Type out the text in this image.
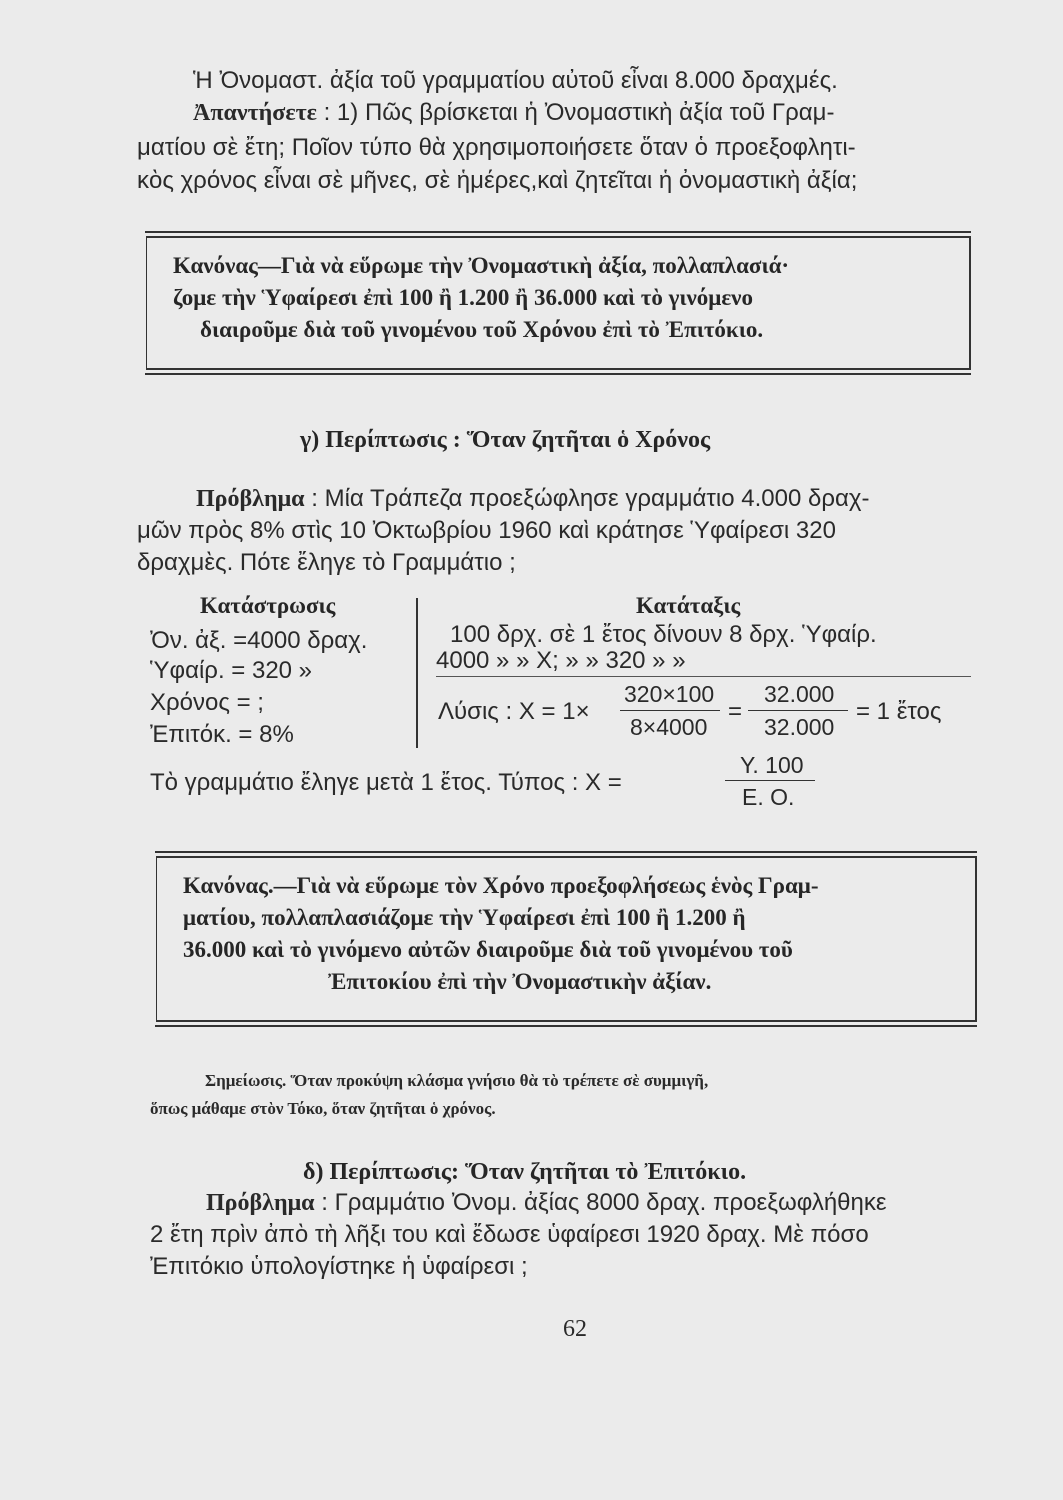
Ἡ Ὀνομαστ. ἀξία τοῦ γραμματίου αὐτοῦ εἶναι 8.000 δραχμές.
Ἀπαντήσετε : 1) Πῶς βρίσκεται ἡ Ὀνομαστικὴ ἀξία τοῦ Γραμ-
ματίου σὲ ἔτη; Ποῖον τύπο θὰ χρησιμοποιήσετε ὅταν ὁ προεξοφλητι-
κὸς χρόνος εἶναι σὲ μῆνες, σὲ ἡμέρες,καὶ ζητεῖται ἡ ὀνομαστικὴ ἀξία;
Κανόνας—Γιὰ νὰ εὕρωμε τὴν Ὀνομαστικὴ ἀξία, πολλαπλασιά·
ζομε τὴν Ὑφαίρεσι ἐπὶ 100 ἢ 1.200 ἢ 36.000 καὶ τὸ γινόμενο
διαιροῦμε διὰ τοῦ γινομένου τοῦ Χρόνου ἐπὶ τὸ Ἐπιτόκιο.
γ) Περίπτωσις : Ὅταν ζητῆται ὁ Χρόνος
Πρόβλημα : Μία Τράπεζα προεξώφλησε γραμμάτιο 4.000 δραχ-
μῶν πρὸς 8% στὶς 10 Ὀκτωβρίου 1960 καὶ κράτησε Ὑφαίρεσι 320
δραχμὲς. Πότε ἔληγε τὸ Γραμμάτιο ;
Κατάστρωσις
Ὀν. ἀξ. =4000 δραχ.
Ὑφαίρ. = 320 »
Χρόνος = ;
Ἐπιτόκ. = 8%
Κατάταξις
100 δρχ. σὲ 1 ἔτος δίνουν 8 δρχ. Ὑφαίρ.
4000 » » Χ; » » 320 » »
Λύσις : Χ = 1×
320×100
8×4000
=
32.000
32.000
= 1 ἔτος
Τὸ γραμμάτιο ἔληγε μετὰ 1 ἔτος. Τύπος : Χ =
Υ. 100
Ε. Ο.
Κανόνας.—Γιὰ νὰ εὕρωμε τὸν Χρόνο προεξοφλήσεως ἑνὸς Γραμ-
ματίου, πολλαπλασιάζομε τὴν Ὑφαίρεσι ἐπὶ 100 ἢ 1.200 ἢ
36.000 καὶ τὸ γινόμενο αὐτῶν διαιροῦμε διὰ τοῦ γινομένου τοῦ
Ἐπιτοκίου ἐπὶ τὴν Ὀνομαστικὴν ἀξίαν.
Σημείωσις. Ὅταν προκύψη κλάσμα γνήσιο θὰ τὸ τρέπετε σὲ συμμιγῆ,
ὅπως μάθαμε στὸν Τόκο, ὅταν ζητῆται ὁ χρόνος.
δ) Περίπτωσις: Ὅταν ζητῆται τὸ Ἐπιτόκιο.
Πρόβλημα : Γραμμάτιο Ὀνομ. ἀξίας 8000 δραχ. προεξωφλήθηκε
2 ἔτη πρὶν ἀπὸ τὴ λῆξι του καὶ ἔδωσε ὑφαίρεσι 1920 δραχ. Μὲ πόσο
Ἐπιτόκιο ὑπολογίστηκε ἡ ὑφαίρεσι ;
62
